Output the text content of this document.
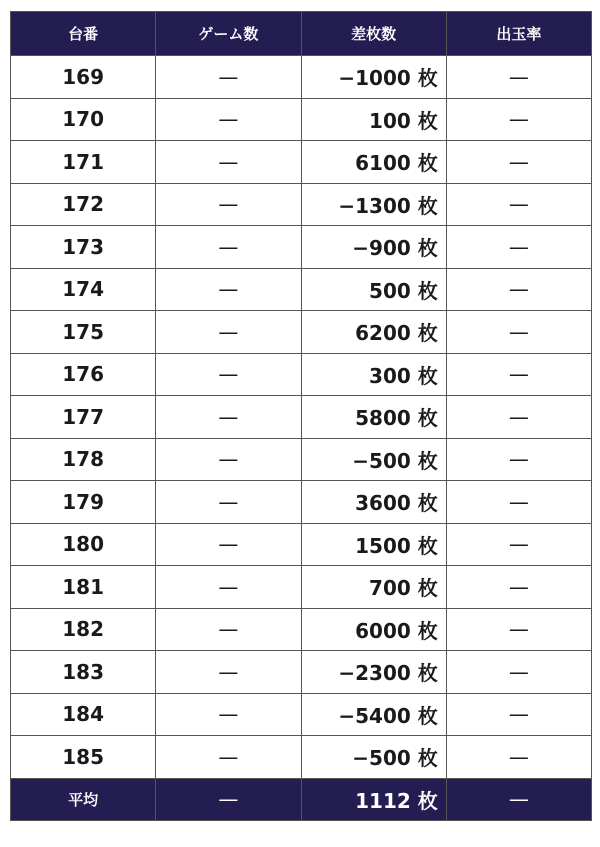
台番	ゲーム数	差枚数	出玉率
169	—	−1000 枚	—
170	—	100 枚	—
171	—	6100 枚	—
172	—	−1300 枚	—
173	—	−900 枚	—
174	—	500 枚	—
175	—	6200 枚	—
176	—	300 枚	—
177	—	5800 枚	—
178	—	−500 枚	—
179	—	3600 枚	—
180	—	1500 枚	—
181	—	700 枚	—
182	—	6000 枚	—
183	—	−2300 枚	—
184	—	−5400 枚	—
185	—	−500 枚	—
平均	—	1112 枚	—
